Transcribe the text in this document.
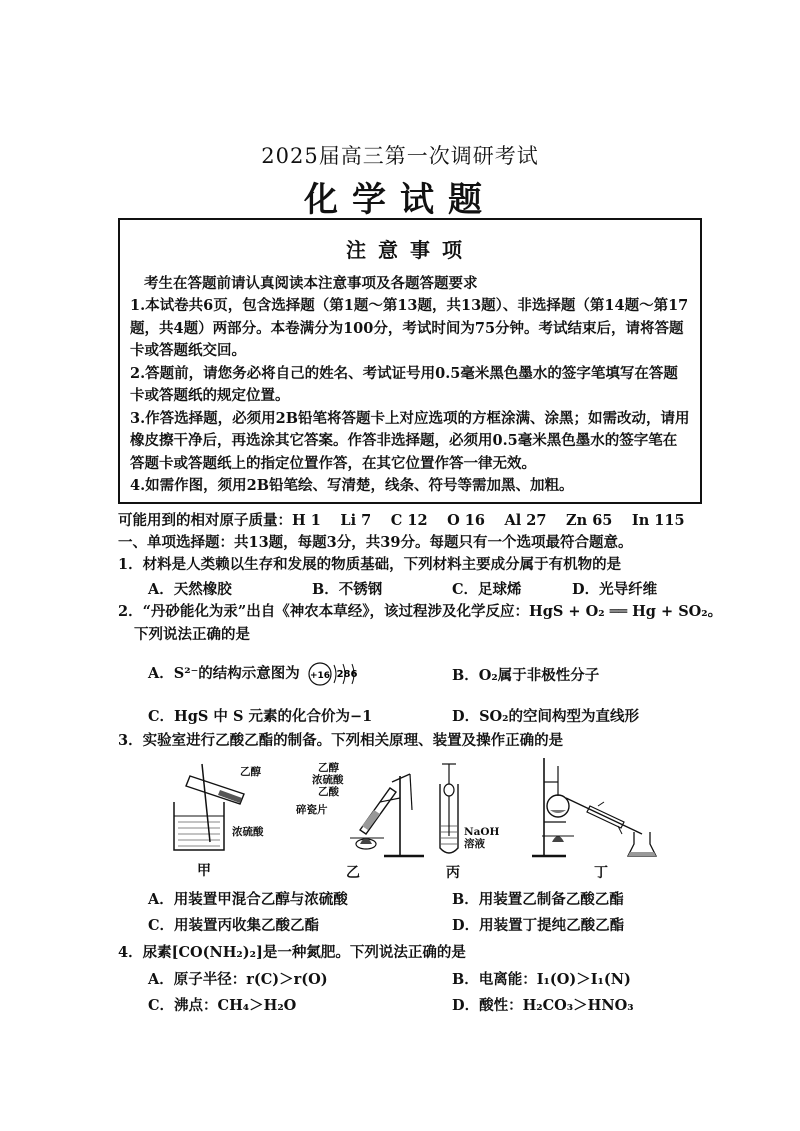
2025届高三第一次调研考试
化学试题
注意事项
考生在答题前请认真阅读本注意事项及各题答题要求
1.本试卷共6页，包含选择题（第1题～第13题，共13题）、非选择题（第14题～第17题，共4题）两部分。本卷满分为100分，考试时间为75分钟。考试结束后，请将答题卡或答题纸交回。
2.答题前，请您务必将自己的姓名、考试证号用0.5毫米黑色墨水的签字笔填写在答题卡或答题纸的规定位置。
3.作答选择题，必须用2B铅笔将答题卡上对应选项的方框涂满、涂黑；如需改动，请用橡皮擦干净后，再选涂其它答案。作答非选择题，必须用0.5毫米黑色墨水的签字笔在答题卡或答题纸上的指定位置作答，在其它位置作答一律无效。
4.如需作图，须用2B铅笔绘、写清楚，线条、符号等需加黑、加粗。
可能用到的相对原子质量：H 1　 Li 7　 C 12　 O 16　 Al 27　 Zn 65　 In 115
一、单项选择题：共13题，每题3分，共39分。每题只有一个选项最符合题意。
1．材料是人类赖以生存和发展的物质基础，下列材料主要成分属于有机物的是
A．天然橡胶	B．不锈钢	C．足球烯	D．光导纤维
2．“丹砂能化为汞”出自《神农本草经》，该过程涉及化学反应：HgS + O₂ ══ Hg + SO₂。
下列说法正确的是
A．S²⁻的结构示意图为 +16 286	B．O₂属于非极性分子
C．HgS 中 S 元素的化合价为−1	D．SO₂的空间构型为直线形
3．实验室进行乙酸乙酯的制备。下列相关原理、装置及操作正确的是
乙醇
浓硫酸
甲
乙醇
浓硫酸
乙酸
碎瓷片
乙
NaOH
溶液
丙	丁
A．用装置甲混合乙醇与浓硫酸	B．用装置乙制备乙酸乙酯
C．用装置丙收集乙酸乙酯	D．用装置丁提纯乙酸乙酯
4．尿素[CO(NH₂)₂]是一种氮肥。下列说法正确的是
A．原子半径：r(C)＞r(O)	B．电离能：I₁(O)＞I₁(N)
C．沸点：CH₄＞H₂O	D．酸性：H₂CO₃＞HNO₃
